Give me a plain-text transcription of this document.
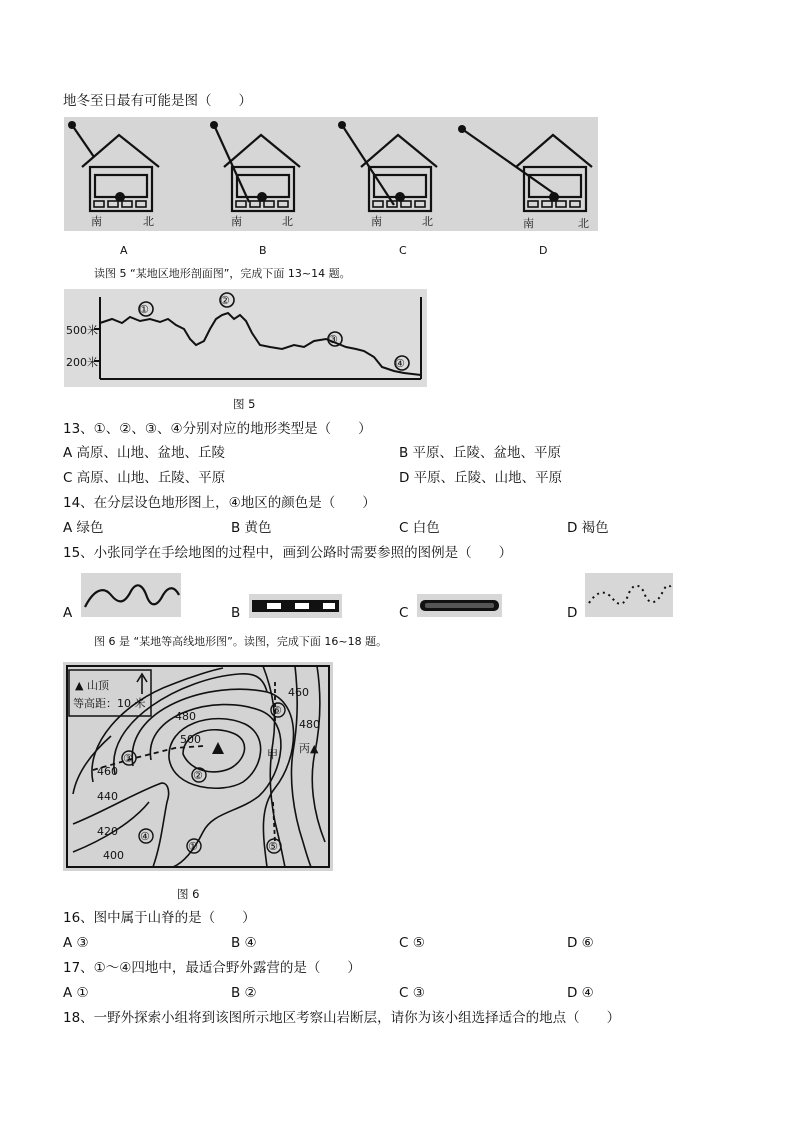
地冬至日最有可能是图（　　）
南	北	南	北	南	北	南	北
A	B	C	D
读图 5 “某地区地形剖面图”，完成下面 13~14 题。
500米
200米
①
②
③
④
图 5
13、①、②、③、④分别对应的地形类型是（　　）
A 高原、山地、盆地、丘陵	B 平原、丘陵、盆地、平原
C 高原、山地、丘陵、平原	D 平原、丘陵、山地、平原
14、在分层设色地形图上，④地区的颜色是（　　）
A 绿色	B 黄色	C 白色	D 褐色
15、小张同学在手绘地图的过程中，画到公路时需要参照的图例是（　　）
A	B	C	D
图 6 是 “某地等高线地形图”。读图，完成下面 16~18 题。
▲ 山顶
等高距：10 米
460
480
480
500
460
440
420
400
③
②
⑥
甲 丙▲
④
①	⑤
图 6
16、图中属于山脊的是（　　）
A ③	B ④	C ⑤	D ⑥
17、①～④四地中，最适合野外露营的是（　　）
A ①	B ②	C ③	D ④
18、一野外探索小组将到该图所示地区考察山岩断层，请你为该小组选择适合的地点（　　）
